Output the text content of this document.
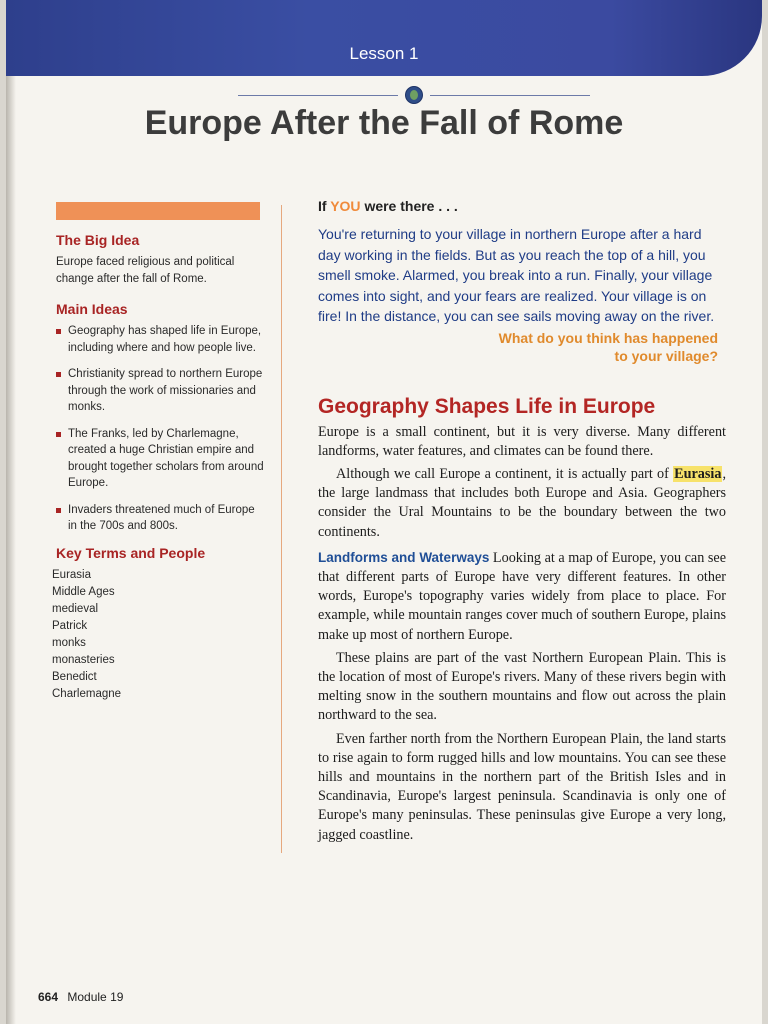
Lesson 1
Europe After the Fall of Rome
The Big Idea

Europe faced religious and political change after the fall of Rome.

Main Ideas
Geography has shaped life in Europe, including where and how people live.
Christianity spread to northern Europe through the work of missionaries and monks.
The Franks, led by Charlemagne, created a huge Christian empire and brought together scholars from around Europe.
Invaders threatened much of Europe in the 700s and 800s.
Key Terms and People
Eurasia
Middle Ages
medieval
Patrick
monks
monasteries
Benedict
Charlemagne
If YOU were there . . .

You're returning to your village in northern Europe after a hard day working in the fields. But as you reach the top of a hill, you smell smoke. Alarmed, you break into a run. Finally, your village comes into sight, and your fears are realized. Your village is on fire! In the distance, you can see sails moving away on the river.

What do you think has happened
to your village?
Geography Shapes Life in Europe

Europe is a small continent, but it is very diverse. Many different landforms, water features, and climates can be found there.

Although we call Europe a continent, it is actually part of Eurasia, the large landmass that includes both Europe and Asia. Geographers consider the Ural Mountains to be the boundary between the two continents.

Landforms and Waterways Looking at a map of Europe, you can see that different parts of Europe have very different features. In other words, Europe's topography varies widely from place to place. For example, while mountain ranges cover much of southern Europe, plains make up most of northern Europe.

These plains are part of the vast Northern European Plain. This is the location of most of Europe's rivers. Many of these rivers begin with melting snow in the southern mountains and flow out across the plain northward to the sea.

Even farther north from the Northern European Plain, the land starts to rise again to form rugged hills and low mountains. You can see these hills and mountains in the northern part of the British Isles and in Scandinavia, Europe's largest peninsula. Scandinavia is only one of Europe's many peninsulas. These peninsulas give Europe a very long, jagged coastline.

664 Module 19
